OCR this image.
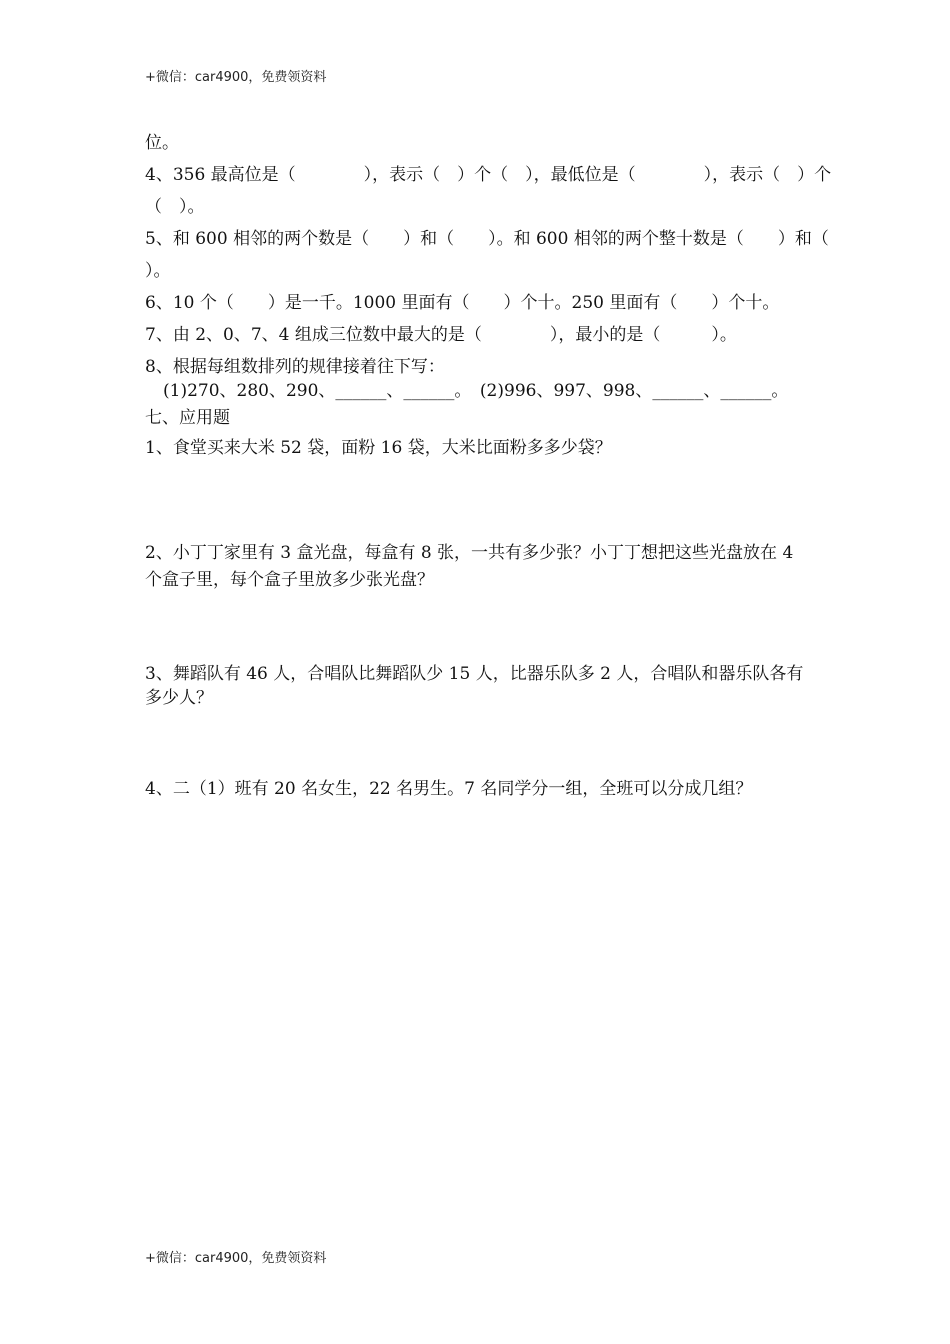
+微信：car4900，免费领资料
位。
4、356 最高位是（　　　　），表示（　）个（　），最低位是（　　　　），表示（　）个
（　）。
5、和 600 相邻的两个数是（　　）和（　　）。和 600 相邻的两个整十数是（　　）和（
）。
6、10 个（　　）是一千。1000 里面有（　　）个十。250 里面有（　　）个十。
7、由 2、0、7、4 组成三位数中最大的是（　　　　），最小的是（　　　）。
8、根据每组数排列的规律接着往下写：
(1)270、280、290、______、______。　(2)996、997、998、______、______。
七、应用题
1、食堂买来大米 52 袋，面粉 16 袋，大米比面粉多多少袋？
2、小丁丁家里有 3 盒光盘，每盒有 8 张，一共有多少张？小丁丁想把这些光盘放在 4 个盒子里，每个盒子里放多少张光盘？
3、舞蹈队有 46 人，合唱队比舞蹈队少 15 人，比器乐队多 2 人，合唱队和器乐队各有多少人？
4、二（1）班有 20 名女生，22 名男生。7 名同学分一组，全班可以分成几组？
+微信：car4900，免费领资料
